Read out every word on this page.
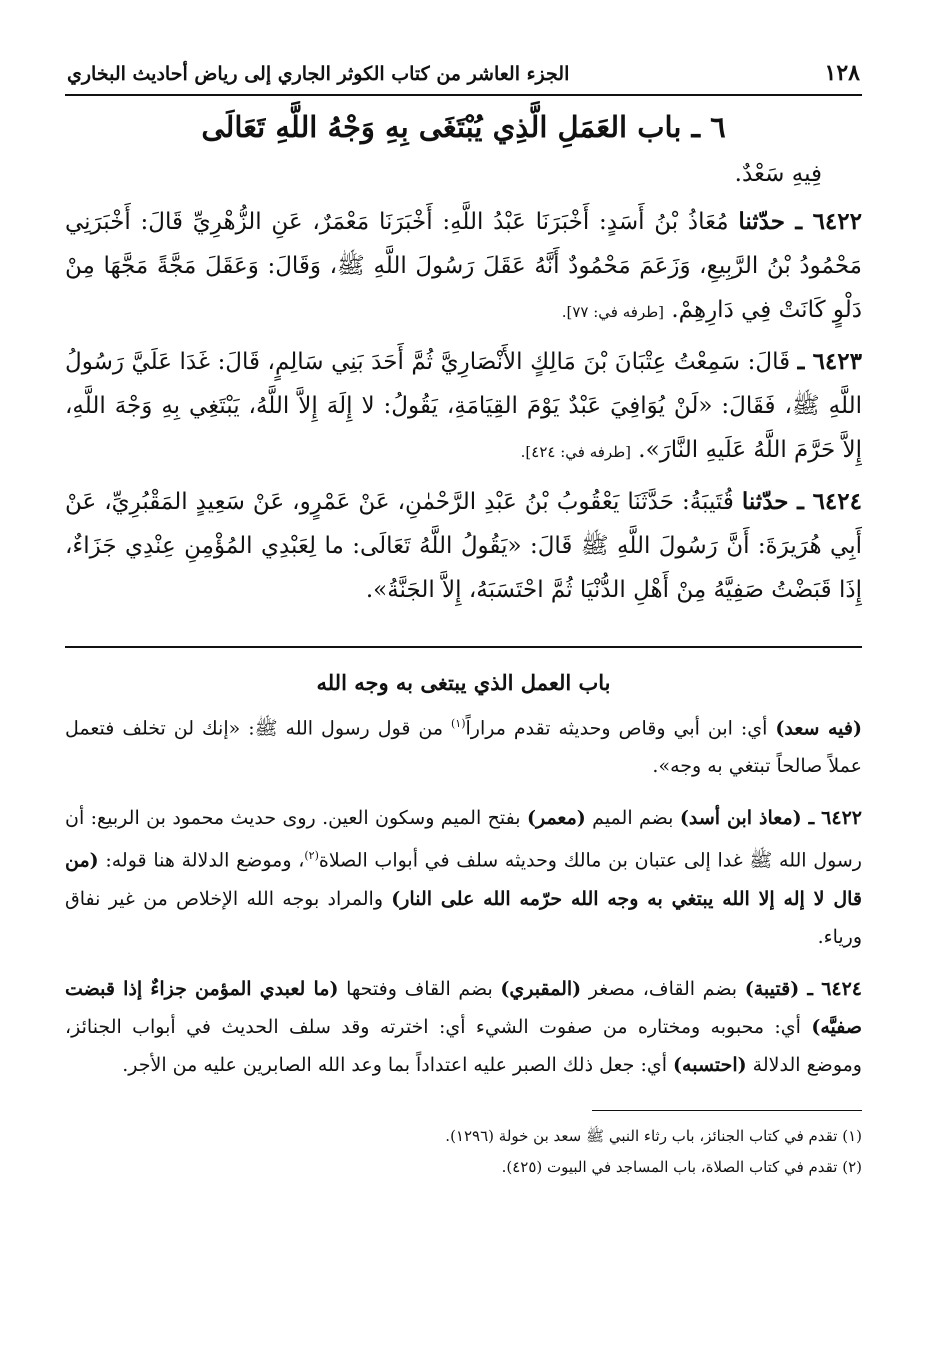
١٢٨
الجزء العاشر من كتاب الكوثر الجاري إلى رياض أحاديث البخاري
٦ ـ باب العَمَلِ الَّذِي يُبْتَغَى بِهِ وَجْهُ اللَّهِ تَعَالَى

فِيهِ سَعْدٌ.

٦٤٢٢ ـ حدّثنا مُعَاذُ بْنُ أَسَدٍ: أَخْبَرَنَا عَبْدُ اللَّهِ: أَخْبَرَنَا مَعْمَرٌ، عَنِ الزُّهْرِيِّ قَالَ: أَخْبَرَنِي مَحْمُودُ بْنُ الرَّبِيعِ، وَزَعَمَ مَحْمُودٌ أَنَّهُ عَقَلَ رَسُولَ اللَّهِ ﷺ، وَقَالَ: وَعَقَلَ مَجَّةً مَجَّهَا مِنْ دَلْوٍ كَانَتْ فِي دَارِهِمْ. [طرفه في: ٧٧].

٦٤٢٣ ـ قَالَ: سَمِعْتُ عِتْبَانَ بْنَ مَالِكٍ الأَنْصَارِيَّ ثُمَّ أَحَدَ بَنِي سَالِمٍ، قَالَ: غَدَا عَلَيَّ رَسُولُ اللَّهِ ﷺ، فَقَالَ: «لَنْ يُوَافِيَ عَبْدٌ يَوْمَ القِيَامَةِ، يَقُولُ: لا إِلَهَ إِلاَّ اللَّهُ، يَبْتَغِي بِهِ وَجْهَ اللَّهِ، إِلاَّ حَرَّمَ اللَّهُ عَلَيهِ النَّارَ». [طرفه في: ٤٢٤].

٦٤٢٤ ـ حدّثنا قُتَيبَةُ: حَدَّثَنَا يَعْقُوبُ بْنُ عَبْدِ الرَّحْمٰنِ، عَنْ عَمْرٍو، عَنْ سَعِيدٍ المَقْبُرِيِّ، عَنْ أَبِي هُرَيرَةَ: أَنَّ رَسُولَ اللَّهِ ﷺ قَالَ: «يَقُولُ اللَّهُ تَعَالَى: ما لِعَبْدِي المُؤْمِنِ عِنْدِي جَزَاءٌ، إِذَا قَبَضْتُ صَفِيَّهُ مِنْ أَهْلِ الدُّنْيَا ثُمَّ احْتَسَبَهُ، إِلاَّ الجَنَّةُ».

باب العمل الذي يبتغى به وجه الله

(فيه سعد) أي: ابن أبي وقاص وحديثه تقدم مراراً$^{(١)}$ من قول رسول الله ﷺ: «إنك لن تخلف فتعمل عملاً صالحاً تبتغي به وجه».

٦٤٢٢ ـ (معاذ ابن أسد) بضم الميم (معمر) بفتح الميم وسكون العين. روى حديث محمود بن الربيع: أن رسول الله ﷺ غدا إلى عتبان بن مالك وحديثه سلف في أبواب الصلاة$^{(٢)}$، وموضع الدلالة هنا قوله: (من قال لا إله إلا الله يبتغي به وجه الله حرّمه الله على النار) والمراد بوجه الله الإخلاص من غير نفاق ورياء.

٦٤٢٤ ـ (قتيبة) بضم القاف، مصغر (المقبري) بضم القاف وفتحها (ما لعبدي المؤمن جزاءٌ إذا قبضت صفيَّه) أي: محبوبه ومختاره من صفوت الشيء أي: اخترته وقد سلف الحديث في أبواب الجنائز، وموضع الدلالة (احتسبه) أي: جعل ذلك الصبر عليه اعتداداً بما وعد الله الصابرين عليه من الأجر.

(١) تقدم في كتاب الجنائز، باب رثاء النبي ﷺ سعد بن خولة (١٢٩٦).

(٢) تقدم في كتاب الصلاة، باب المساجد في البيوت (٤٢٥).
